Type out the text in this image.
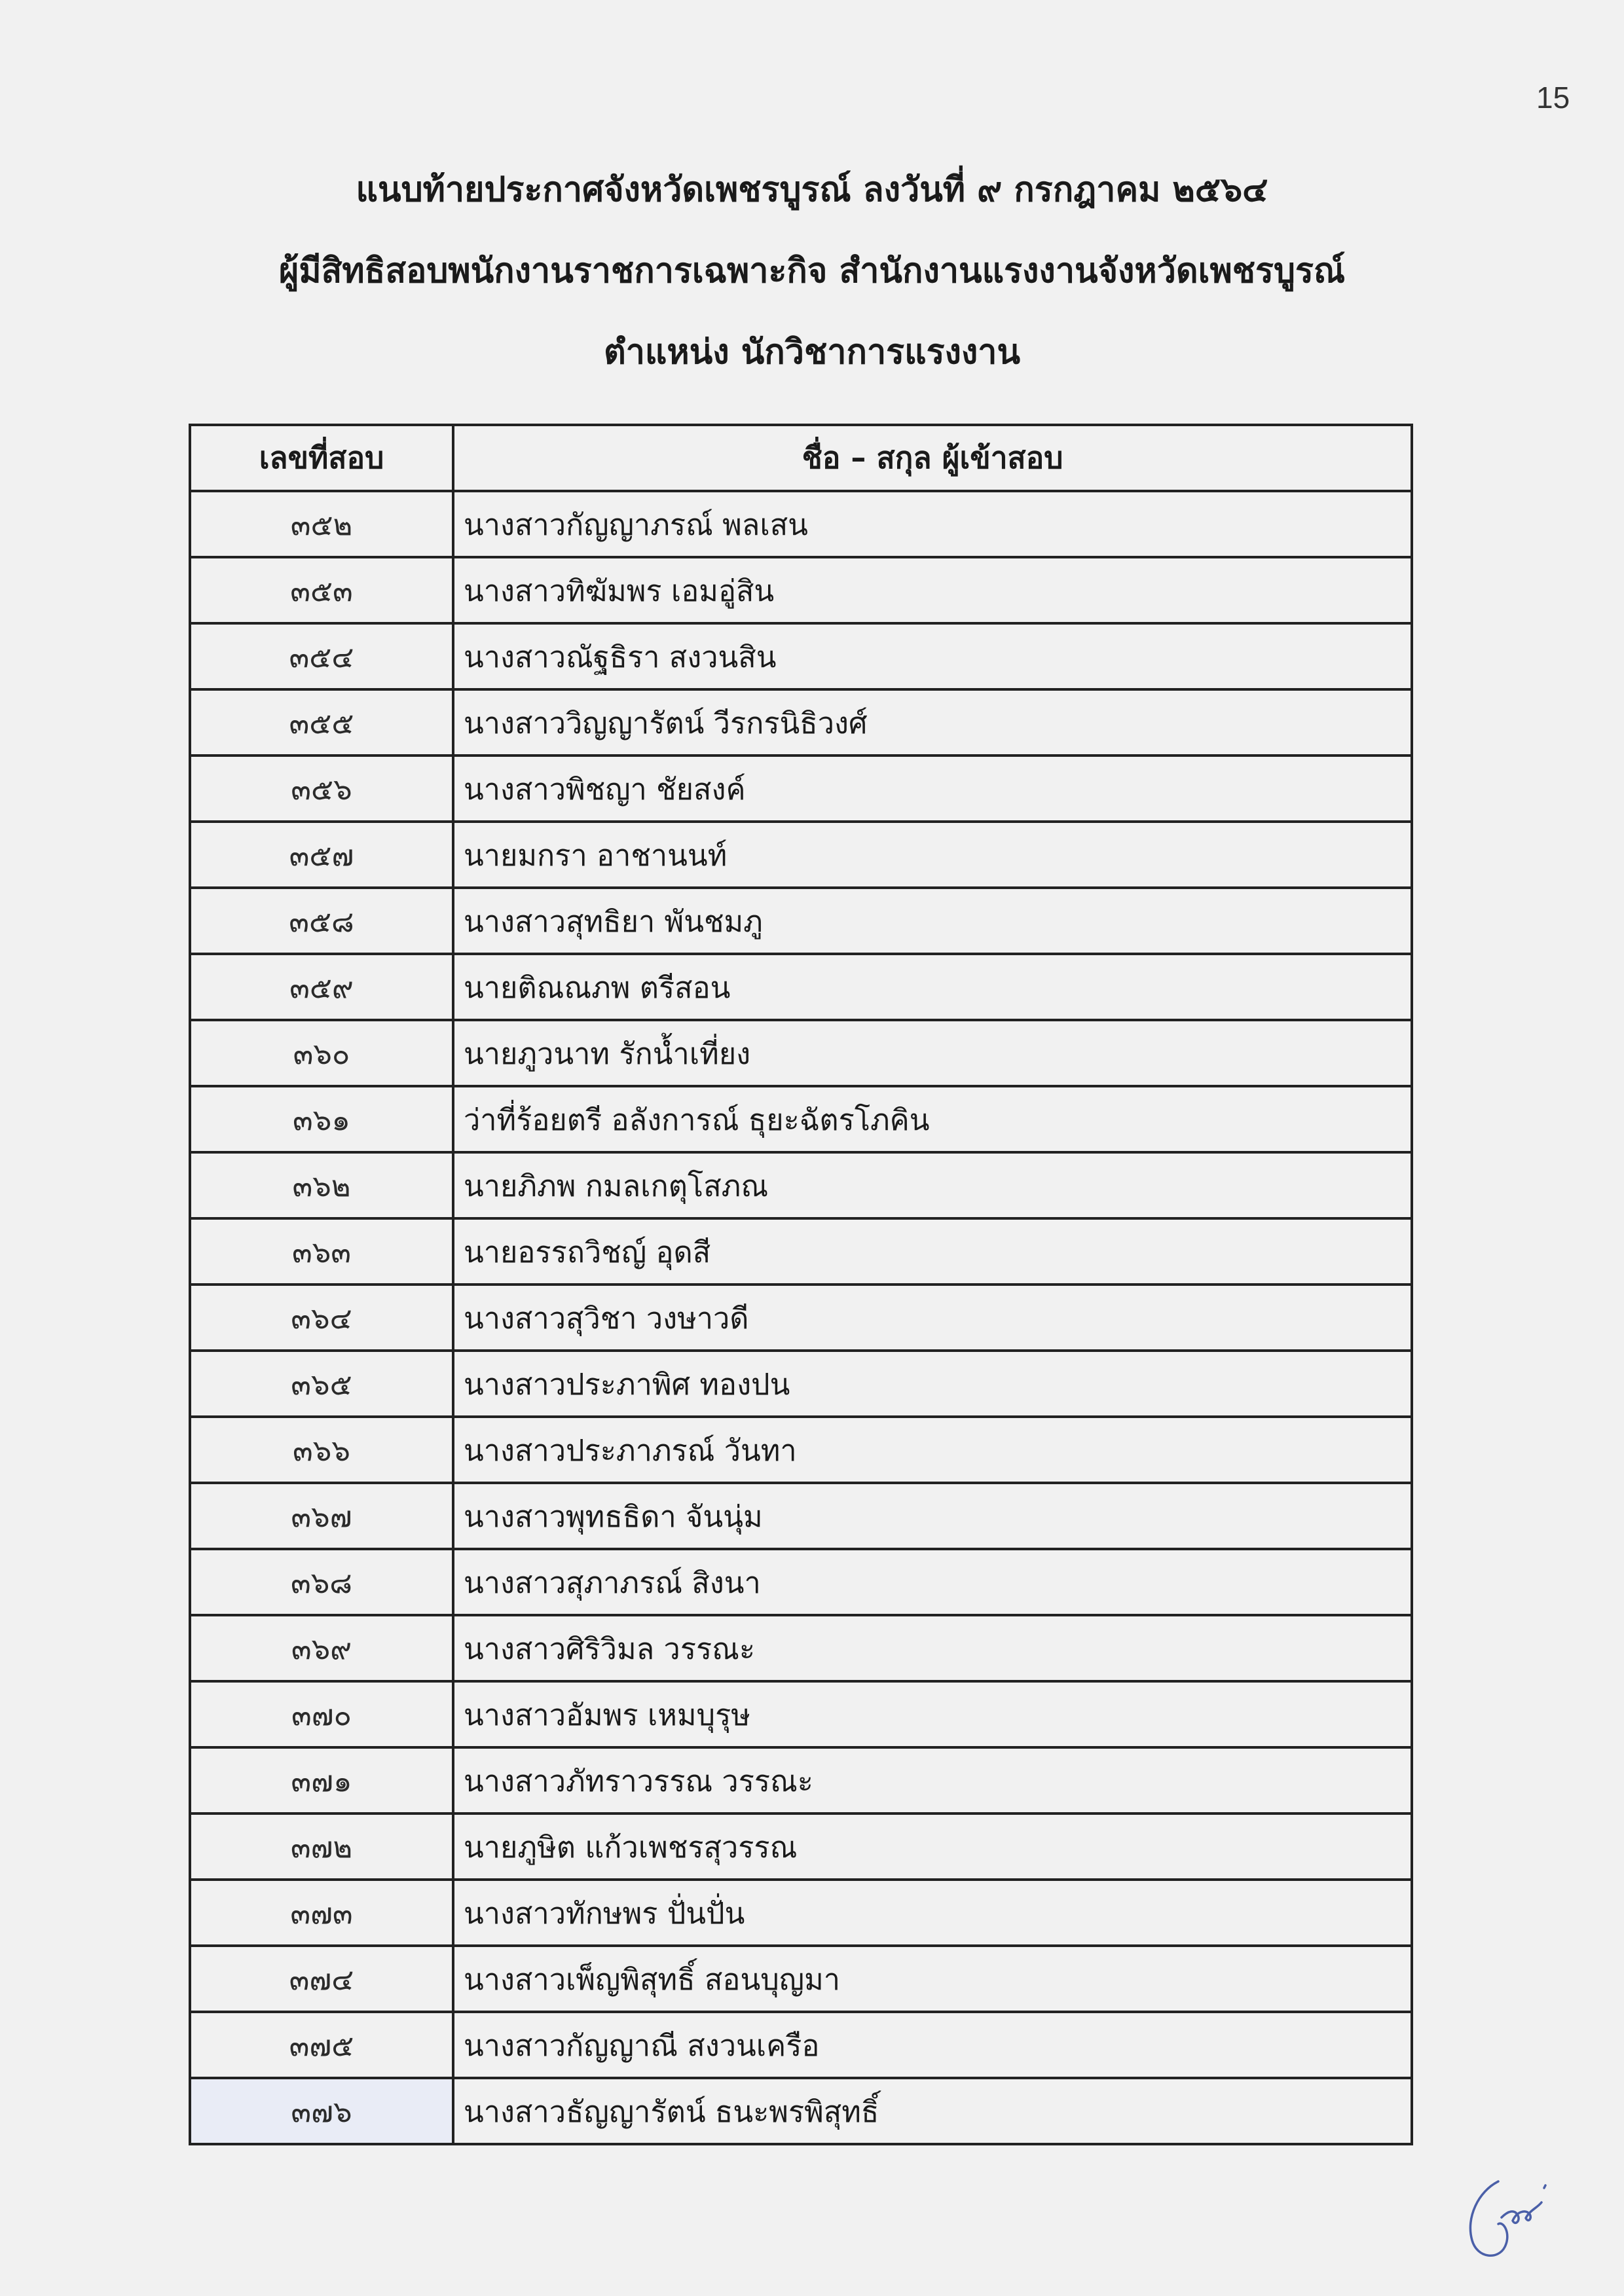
15
แนบท้ายประกาศจังหวัดเพชรบูรณ์ ลงวันที่ ๙ กรกฎาคม ๒๕๖๔
ผู้มีสิทธิสอบพนักงานราชการเฉพาะกิจ สำนักงานแรงงานจังหวัดเพชรบูรณ์
ตำแหน่ง นักวิชาการแรงงาน
เลขที่สอบ	ชื่อ – สกุล ผู้เข้าสอบ
๓๕๒	นางสาวกัญญาภรณ์ พลเสน
๓๕๓	นางสาวทิฆัมพร เอมอู่สิน
๓๕๔	นางสาวณัฐธิรา สงวนสิน
๓๕๕	นางสาววิญญารัตน์ วีรกรนิธิวงศ์
๓๕๖	นางสาวพิชญา ชัยสงค์
๓๕๗	นายมกรา อาชานนท์
๓๕๘	นางสาวสุทธิยา พันชมภู
๓๕๙	นายติณณภพ ตรีสอน
๓๖๐	นายภูวนาท รักน้ำเที่ยง
๓๖๑	ว่าที่ร้อยตรี อลังการณ์ ธุยะฉัตรโภคิน
๓๖๒	นายภิภพ กมลเกตุโสภณ
๓๖๓	นายอรรถวิชญ์ อุดสี
๓๖๔	นางสาวสุวิชา วงษาวดี
๓๖๕	นางสาวประภาพิศ ทองปน
๓๖๖	นางสาวประภาภรณ์ วันทา
๓๖๗	นางสาวพุทธธิดา จันนุ่ม
๓๖๘	นางสาวสุภาภรณ์ สิงนา
๓๖๙	นางสาวศิริวิมล วรรณะ
๓๗๐	นางสาวอัมพร เหมบุรุษ
๓๗๑	นางสาวภัทราวรรณ วรรณะ
๓๗๒	นายภูษิต แก้วเพชรสุวรรณ
๓๗๓	นางสาวทักษพร ปั่นปั่น
๓๗๔	นางสาวเพ็ญพิสุทธิ์ สอนบุญมา
๓๗๕	นางสาวกัญญาณี สงวนเครือ
๓๗๖	นางสาวธัญญารัตน์ ธนะพรพิสุทธิ์
